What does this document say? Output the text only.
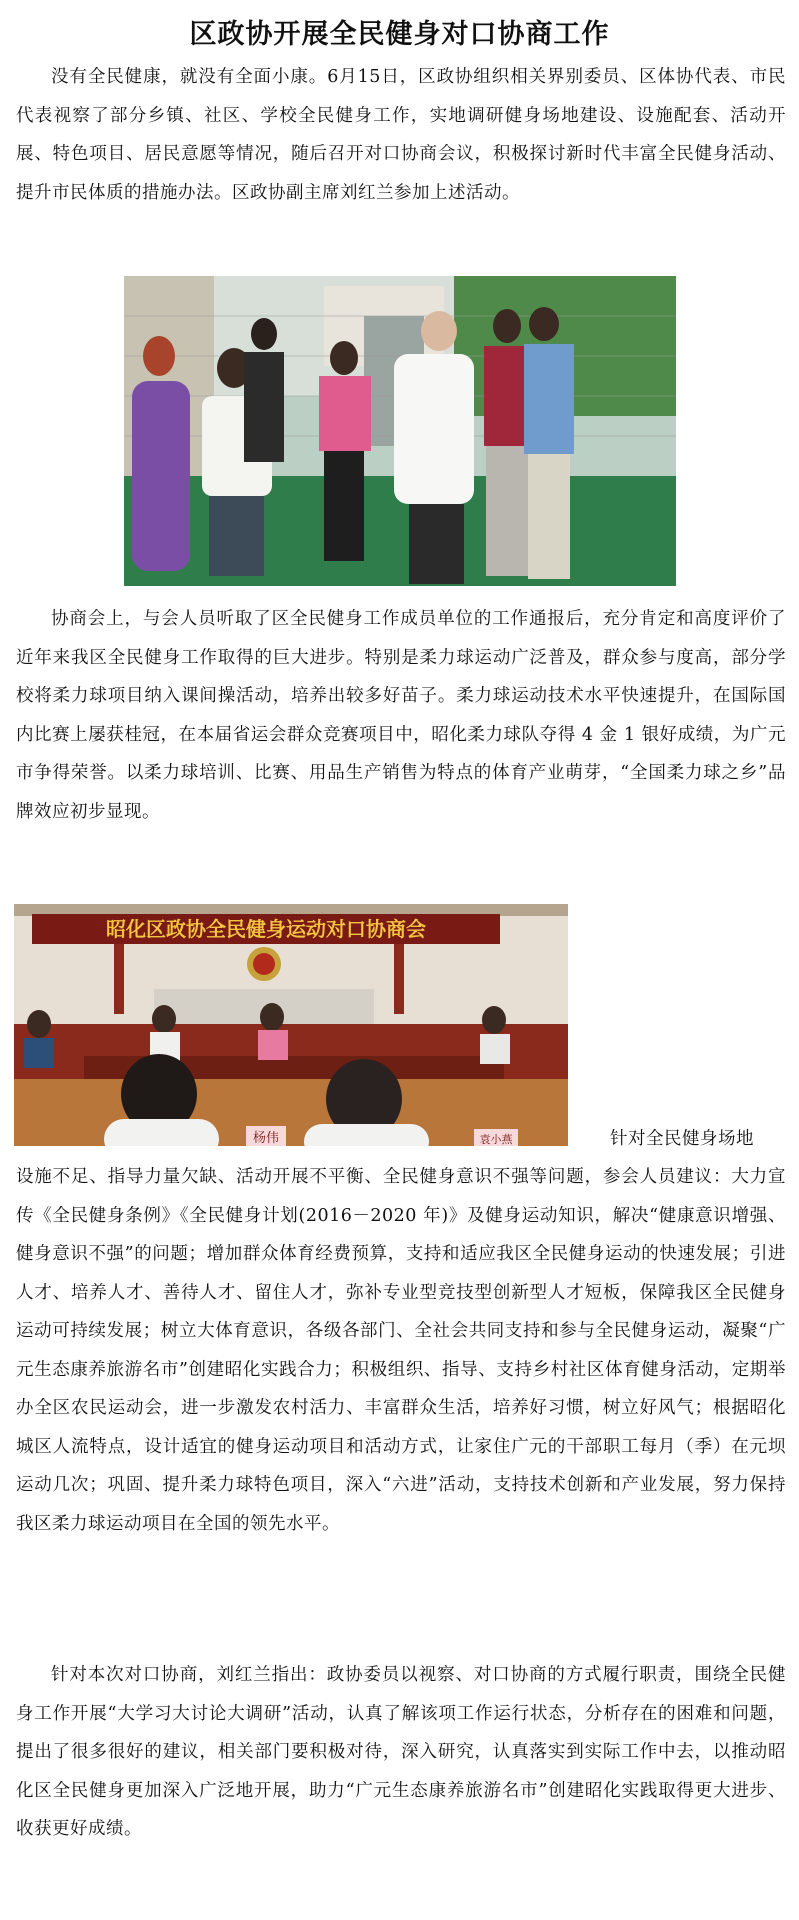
区政协开展全民健身对口协商工作
没有全民健康，就没有全面小康。6月15日，区政协组织相关界别委员、区体协代表、市民代表视察了部分乡镇、社区、学校全民健身工作，实地调研健身场地建设、设施配套、活动开展、特色项目、居民意愿等情况，随后召开对口协商会议，积极探讨新时代丰富全民健身活动、提升市民体质的措施办法。区政协副主席刘红兰参加上述活动。
协商会上，与会人员听取了区全民健身工作成员单位的工作通报后，充分肯定和高度评价了近年来我区全民健身工作取得的巨大进步。特别是柔力球运动广泛普及，群众参与度高，部分学校将柔力球项目纳入课间操活动，培养出较多好苗子。柔力球运动技术水平快速提升，在国际国内比赛上屡获桂冠，在本届省运会群众竞赛项目中，昭化柔力球队夺得 4 金 1 银好成绩，为广元市争得荣誉。以柔力球培训、比赛、用品生产销售为特点的体育产业萌芽，“全国柔力球之乡”品牌效应初步显现。
昭化区政协全民健身运动对口协商会
杨伟	袁小燕	针对全民健身场地
设施不足、指导力量欠缺、活动开展不平衡、全民健身意识不强等问题，参会人员建议：大力宣传《全民健身条例》《全民健身计划(2016－2020 年)》及健身运动知识，解决“健康意识增强、健身意识不强”的问题；增加群众体育经费预算，支持和适应我区全民健身运动的快速发展；引进人才、培养人才、善待人才、留住人才，弥补专业型竞技型创新型人才短板，保障我区全民健身运动可持续发展；树立大体育意识，各级各部门、全社会共同支持和参与全民健身运动，凝聚“广元生态康养旅游名市”创建昭化实践合力；积极组织、指导、支持乡村社区体育健身活动，定期举办全区农民运动会，进一步激发农村活力、丰富群众生活，培养好习惯，树立好风气；根据昭化城区人流特点，设计适宜的健身运动项目和活动方式，让家住广元的干部职工每月（季）在元坝运动几次；巩固、提升柔力球特色项目，深入“六进”活动，支持技术创新和产业发展，努力保持我区柔力球运动项目在全国的领先水平。
针对本次对口协商，刘红兰指出：政协委员以视察、对口协商的方式履行职责，围绕全民健身工作开展“大学习大讨论大调研”活动，认真了解该项工作运行状态，分析存在的困难和问题，提出了很多很好的建议，相关部门要积极对待，深入研究，认真落实到实际工作中去，以推动昭化区全民健身更加深入广泛地开展，助力“广元生态康养旅游名市”创建昭化实践取得更大进步、收获更好成绩。
